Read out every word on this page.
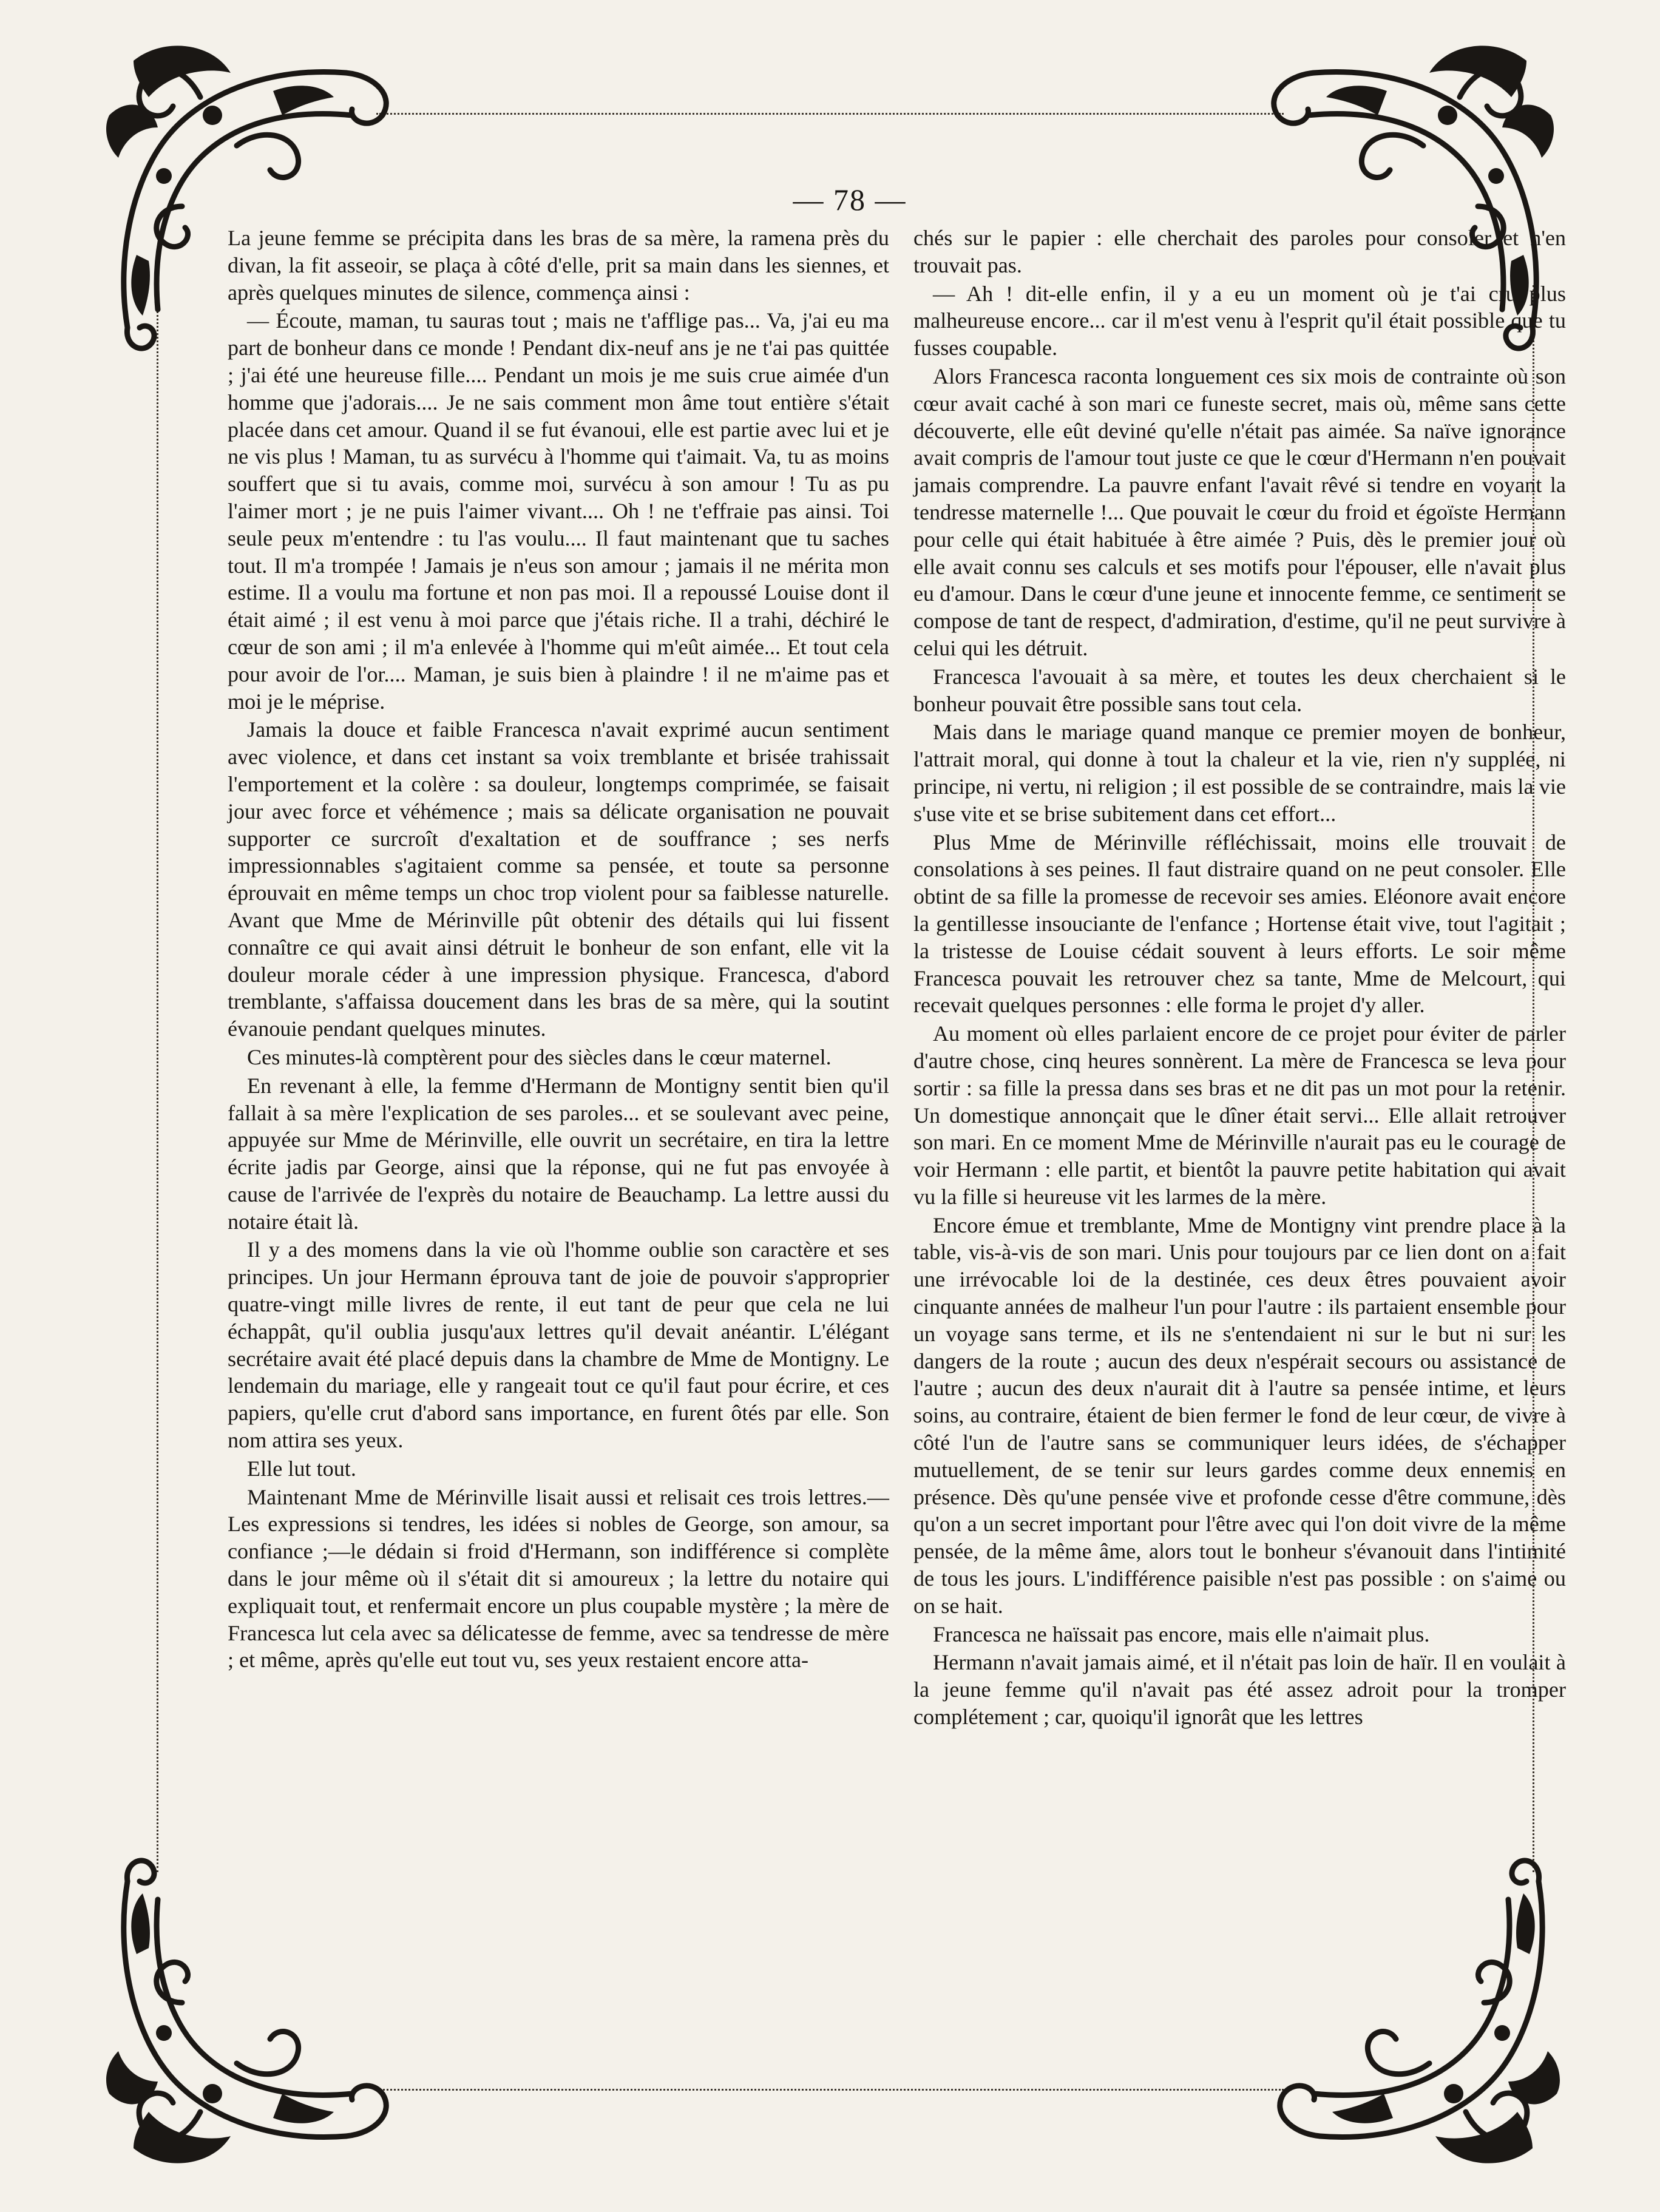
— 78 —

La jeune femme se précipita dans les bras de sa mère, la ramena près du divan, la fit asseoir, se plaça à côté d'elle, prit sa main dans les siennes, et après quelques minutes de silence, commença ainsi :

— Écoute, maman, tu sauras tout ; mais ne t'afflige pas... Va, j'ai eu ma part de bonheur dans ce monde ! Pendant dix-neuf ans je ne t'ai pas quittée ; j'ai été une heureuse fille.... Pendant un mois je me suis crue aimée d'un homme que j'adorais.... Je ne sais comment mon âme tout entière s'était placée dans cet amour. Quand il se fut évanoui, elle est partie avec lui et je ne vis plus ! Maman, tu as survécu à l'homme qui t'aimait. Va, tu as moins souffert que si tu avais, comme moi, survécu à son amour ! Tu as pu l'aimer mort ; je ne puis l'aimer vivant.... Oh ! ne t'effraie pas ainsi. Toi seule peux m'entendre : tu l'as voulu.... Il faut maintenant que tu saches tout. Il m'a trompée ! Jamais je n'eus son amour ; jamais il ne mérita mon estime. Il a voulu ma fortune et non pas moi. Il a repoussé Louise dont il était aimé ; il est venu à moi parce que j'étais riche. Il a trahi, déchiré le cœur de son ami ; il m'a enlevée à l'homme qui m'eût aimée... Et tout cela pour avoir de l'or.... Maman, je suis bien à plaindre ! il ne m'aime pas et moi je le méprise.

Jamais la douce et faible Francesca n'avait exprimé aucun sentiment avec violence, et dans cet instant sa voix tremblante et brisée trahissait l'emportement et la colère : sa douleur, longtemps comprimée, se faisait jour avec force et véhémence ; mais sa délicate organisation ne pouvait supporter ce surcroît d'exaltation et de souffrance ; ses nerfs impressionnables s'agitaient comme sa pensée, et toute sa personne éprouvait en même temps un choc trop violent pour sa faiblesse naturelle. Avant que Mme de Mérinville pût obtenir des détails qui lui fissent connaître ce qui avait ainsi détruit le bonheur de son enfant, elle vit la douleur morale céder à une impression physique. Francesca, d'abord tremblante, s'affaissa doucement dans les bras de sa mère, qui la soutint évanouie pendant quelques minutes.

Ces minutes-là comptèrent pour des siècles dans le cœur maternel.

En revenant à elle, la femme d'Hermann de Montigny sentit bien qu'il fallait à sa mère l'explication de ses paroles... et se soulevant avec peine, appuyée sur Mme de Mérinville, elle ouvrit un secrétaire, en tira la lettre écrite jadis par George, ainsi que la réponse, qui ne fut pas envoyée à cause de l'arrivée de l'exprès du notaire de Beauchamp. La lettre aussi du notaire était là.

Il y a des momens dans la vie où l'homme oublie son caractère et ses principes. Un jour Hermann éprouva tant de joie de pouvoir s'approprier quatre-vingt mille livres de rente, il eut tant de peur que cela ne lui échappât, qu'il oublia jusqu'aux lettres qu'il devait anéantir. L'élégant secrétaire avait été placé depuis dans la chambre de Mme de Montigny. Le lendemain du mariage, elle y rangeait tout ce qu'il faut pour écrire, et ces papiers, qu'elle crut d'abord sans importance, en furent ôtés par elle. Son nom attira ses yeux.

Elle lut tout.

Maintenant Mme de Mérinville lisait aussi et relisait ces trois lettres.—Les expressions si tendres, les idées si nobles de George, son amour, sa confiance ;—le dédain si froid d'Hermann, son indifférence si complète dans le jour même où il s'était dit si amoureux ; la lettre du notaire qui expliquait tout, et renfermait encore un plus coupable mystère ; la mère de Francesca lut cela avec sa délicatesse de femme, avec sa tendresse de mère ; et même, après qu'elle eut tout vu, ses yeux restaient encore atta-

chés sur le papier : elle cherchait des paroles pour consoler et n'en trouvait pas.

— Ah ! dit-elle enfin, il y a eu un moment où je t'ai cru plus malheureuse encore... car il m'est venu à l'esprit qu'il était possible que tu fusses coupable.

Alors Francesca raconta longuement ces six mois de contrainte où son cœur avait caché à son mari ce funeste secret, mais où, même sans cette découverte, elle eût deviné qu'elle n'était pas aimée. Sa naïve ignorance avait compris de l'amour tout juste ce que le cœur d'Hermann n'en pouvait jamais comprendre. La pauvre enfant l'avait rêvé si tendre en voyant la tendresse maternelle !... Que pouvait le cœur du froid et égoïste Hermann pour celle qui était habituée à être aimée ? Puis, dès le premier jour où elle avait connu ses calculs et ses motifs pour l'épouser, elle n'avait plus eu d'amour. Dans le cœur d'une jeune et innocente femme, ce sentiment se compose de tant de respect, d'admiration, d'estime, qu'il ne peut survivre à celui qui les détruit.

Francesca l'avouait à sa mère, et toutes les deux cherchaient si le bonheur pouvait être possible sans tout cela.

Mais dans le mariage quand manque ce premier moyen de bonheur, l'attrait moral, qui donne à tout la chaleur et la vie, rien n'y supplée, ni principe, ni vertu, ni religion ; il est possible de se contraindre, mais la vie s'use vite et se brise subitement dans cet effort...

Plus Mme de Mérinville réfléchissait, moins elle trouvait de consolations à ses peines. Il faut distraire quand on ne peut consoler. Elle obtint de sa fille la promesse de recevoir ses amies. Eléonore avait encore la gentillesse insouciante de l'enfance ; Hortense était vive, tout l'agitait ; la tristesse de Louise cédait souvent à leurs efforts. Le soir même Francesca pouvait les retrouver chez sa tante, Mme de Melcourt, qui recevait quelques personnes : elle forma le projet d'y aller.

Au moment où elles parlaient encore de ce projet pour éviter de parler d'autre chose, cinq heures sonnèrent. La mère de Francesca se leva pour sortir : sa fille la pressa dans ses bras et ne dit pas un mot pour la retenir. Un domestique annonçait que le dîner était servi... Elle allait retrouver son mari. En ce moment Mme de Mérinville n'aurait pas eu le courage de voir Hermann : elle partit, et bientôt la pauvre petite habitation qui avait vu la fille si heureuse vit les larmes de la mère.

Encore émue et tremblante, Mme de Montigny vint prendre place à la table, vis-à-vis de son mari. Unis pour toujours par ce lien dont on a fait une irrévocable loi de la destinée, ces deux êtres pouvaient avoir cinquante années de malheur l'un pour l'autre : ils partaient ensemble pour un voyage sans terme, et ils ne s'entendaient ni sur le but ni sur les dangers de la route ; aucun des deux n'espérait secours ou assistance de l'autre ; aucun des deux n'aurait dit à l'autre sa pensée intime, et leurs soins, au contraire, étaient de bien fermer le fond de leur cœur, de vivre à côté l'un de l'autre sans se communiquer leurs idées, de s'échapper mutuellement, de se tenir sur leurs gardes comme deux ennemis en présence. Dès qu'une pensée vive et profonde cesse d'être commune, dès qu'on a un secret important pour l'être avec qui l'on doit vivre de la même pensée, de la même âme, alors tout le bonheur s'évanouit dans l'intimité de tous les jours. L'indifférence paisible n'est pas possible : on s'aime ou on se hait.

Francesca ne haïssait pas encore, mais elle n'aimait plus.

Hermann n'avait jamais aimé, et il n'était pas loin de haïr. Il en voulait à la jeune femme qu'il n'avait pas été assez adroit pour la tromper complétement ; car, quoiqu'il ignorât que les lettres
